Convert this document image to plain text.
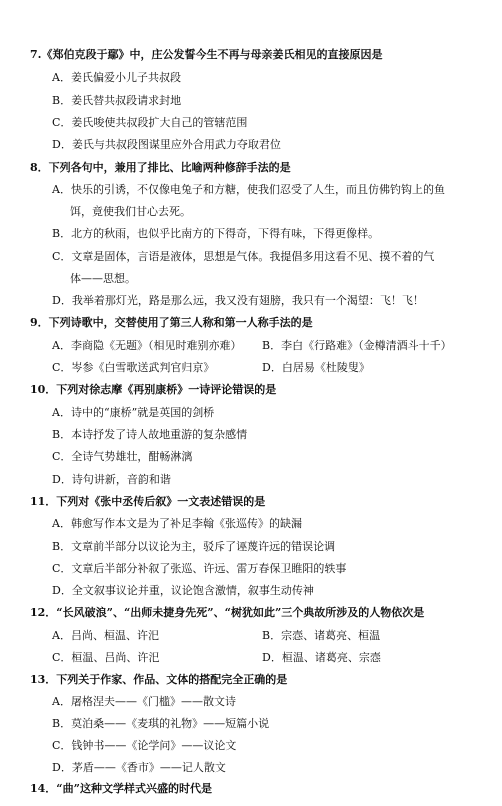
7.《郑伯克段于鄢》中，庄公发誓今生不再与母亲姜氏相见的直接原因是
A．姜氏偏爱小儿子共叔段
B．姜氏替共叔段请求封地
C．姜氏唆使共叔段扩大自己的管辖范围
D．姜氏与共叔段图谋里应外合用武力夺取君位
8．下列各句中，兼用了排比、比喻两种修辞手法的是
A．快乐的引诱，不仅像电兔子和方糖，使我们忍受了人生，而且仿佛钓钩上的鱼
饵，竟使我们甘心去死。
B．北方的秋雨，也似乎比南方的下得奇，下得有味，下得更像样。
C．文章是固体，言语是液体，思想是气体。我提倡多用这看不见、摸不着的气
体——思想。
D．我举着那灯光，路是那么远，我又没有翅膀，我只有一个渴望：飞！飞！
9．下列诗歌中，交替使用了第三人称和第一人称手法的是
A．李商隐《无题》（相见时难别亦难） B．李白《行路难》（金樽清酒斗十千）
C．岑参《白雪歌送武判官归京》	D．白居易《杜陵叟》
10．下列对徐志摩《再别康桥》一诗评论错误的是
A．诗中的“康桥”就是英国的剑桥
B．本诗抒发了诗人故地重游的复杂感情
C．全诗气势雄壮，酣畅淋漓
D．诗句讲新，音韵和谐
11．下列对《张中丞传后叙》一文表述错误的是
A．韩愈写作本文是为了补足李翰《张巡传》的缺漏
B．文章前半部分以议论为主，驳斥了诬蔑许远的错误论调
C．文章后半部分补叙了张巡、许远、雷万春保卫睢阳的轶事
D．全文叙事议论并重，议论饱含激情，叙事生动传神
12．“长风破浪”、“出师未捷身先死”、“树犹如此”三个典故所涉及的人物依次是
A．吕尚、桓温、许汜	B．宗悫、诸葛亮、桓温
C．桓温、吕尚、许汜	D．桓温、诸葛亮、宗悫
13．下列关于作家、作品、文体的搭配完全正确的是
A．屠格涅夫——《门槛》——散文诗
B．莫泊桑——《麦琪的礼物》——短篇小说
C．钱钟书——《论学问》——议论文
D．茅盾——《香市》——记人散文
14．“曲”这种文学样式兴盛的时代是
